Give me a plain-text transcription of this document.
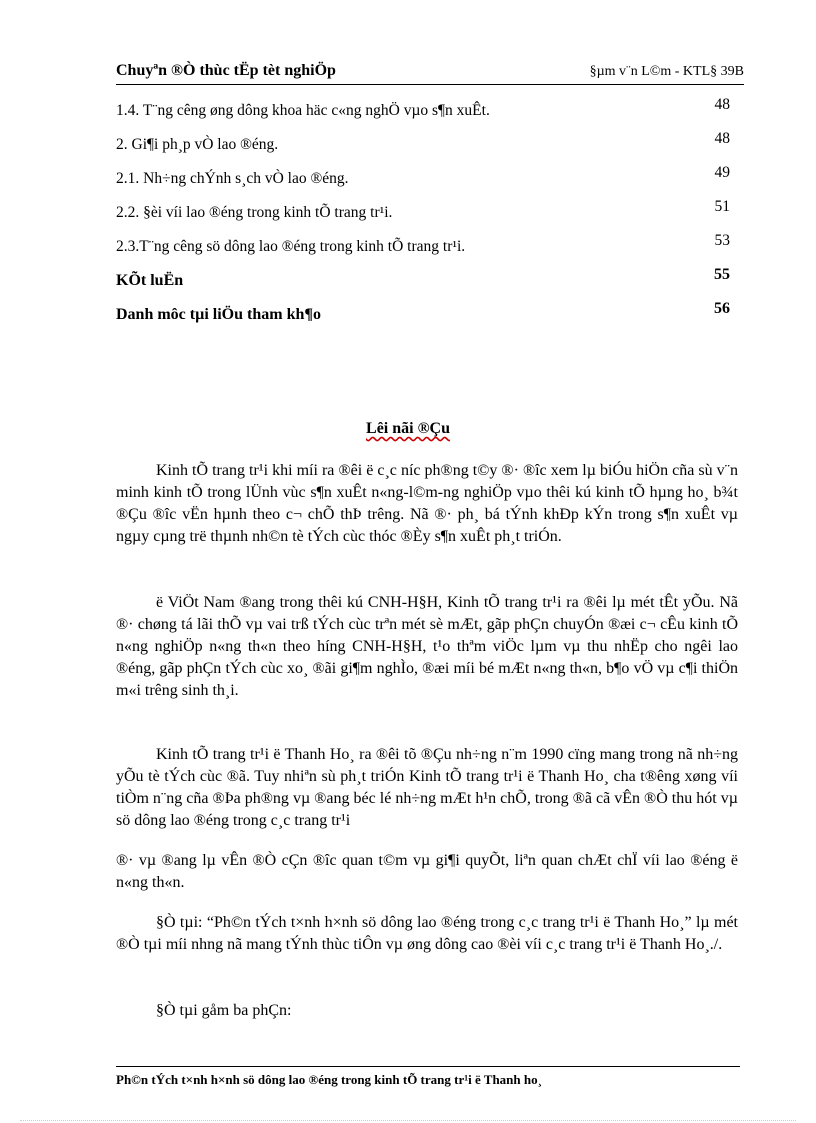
Chuyªn ®Ò thùc tËp tèt nghiÖp	§µm v¨n L©m - KTL§ 39B
1.4. T¨ng cêng øng dông khoa häc c«ng nghÖ vµo s¶n xuÊt.	48
2. Gi¶i ph¸p vÒ lao ®éng.	48
2.1. Nh÷ng chÝnh s¸ch vÒ lao ®éng.	49
2.2. §èi víi lao ®éng trong kinh tÕ trang tr¹i.	51
2.3.T¨ng cêng sö dông lao ®éng trong kinh tÕ trang tr¹i.	53
KÕt luËn	55
Danh môc tµi liÖu tham kh¶o	56
Lêi nãi ®Çu

Kinh tÕ trang tr¹i khi míi ra ®êi ë c¸c níc ph®ng t©y ®· ®îc xem lµ biÓu hiÖn cña sù v¨n minh kinh tÕ trong lÜnh vùc s¶n xuÊt n«ng-l©m-ng nghiÖp vµo thêi kú kinh tÕ hµng ho¸ b¾t ®Çu ®îc vËn hµnh theo c¬ chÕ thÞ trêng. Nã ®· ph¸ bá tÝnh khÐp kÝn trong s¶n xuÊt vµ ngµy cµng trë thµnh nh©n tè tÝch cùc thóc ®Èy s¶n xuÊt ph¸t triÓn.

ë ViÖt Nam ®ang trong thêi kú CNH-H§H, Kinh tÕ trang tr¹i ra ®êi lµ mét tÊt yÕu. Nã ®· chøng tá lãi thÕ vµ vai trß tÝch cùc trªn mét sè mÆt, gãp phÇn chuyÓn ®æi c¬ cÊu kinh tÕ n«ng nghiÖp n«ng th«n theo híng CNH-H§H, t¹o thªm viÖc lµm vµ thu nhËp cho ngêi lao ®éng, gãp phÇn tÝch cùc xo¸ ®ãi gi¶m nghÌo, ®æi míi bé mÆt n«ng th«n, b¶o vÖ vµ c¶i thiÖn m«i trêng sinh th¸i.

Kinh tÕ trang tr¹i ë Thanh Ho¸ ra ®êi tõ ®Çu nh÷ng n¨m 1990 cïng mang trong nã nh÷ng yÕu tè tÝch cùc ®ã. Tuy nhiªn sù ph¸t triÓn Kinh tÕ trang tr¹i ë Thanh Ho¸ cha t®êng xøng víi tiÒm n¨ng cña ®Þa ph®ng vµ ®ang béc lé nh÷ng mÆt h¹n chÕ, trong ®ã cã vÊn ®Ò thu hót vµ sö dông lao ®éng trong c¸c trang tr¹i

®· vµ ®ang lµ vÊn ®Ò cÇn ®îc quan t©m vµ gi¶i quyÕt, liªn quan chÆt chÏ víi lao ®éng ë n«ng th«n.

§Ò tµi: “Ph©n tÝch t×nh h×nh sö dông lao ®éng trong c¸c trang tr¹i ë Thanh Ho¸” lµ mét ®Ò tµi míi nhng nã mang tÝnh thùc tiÔn vµ øng dông cao ®èi víi c¸c trang tr¹i ë Thanh Ho¸./.

§Ò tµi gåm ba phÇn:

Ph©n tÝch t×nh h×nh sö dông lao ®éng trong kinh tÕ trang tr¹i ë Thanh ho¸
